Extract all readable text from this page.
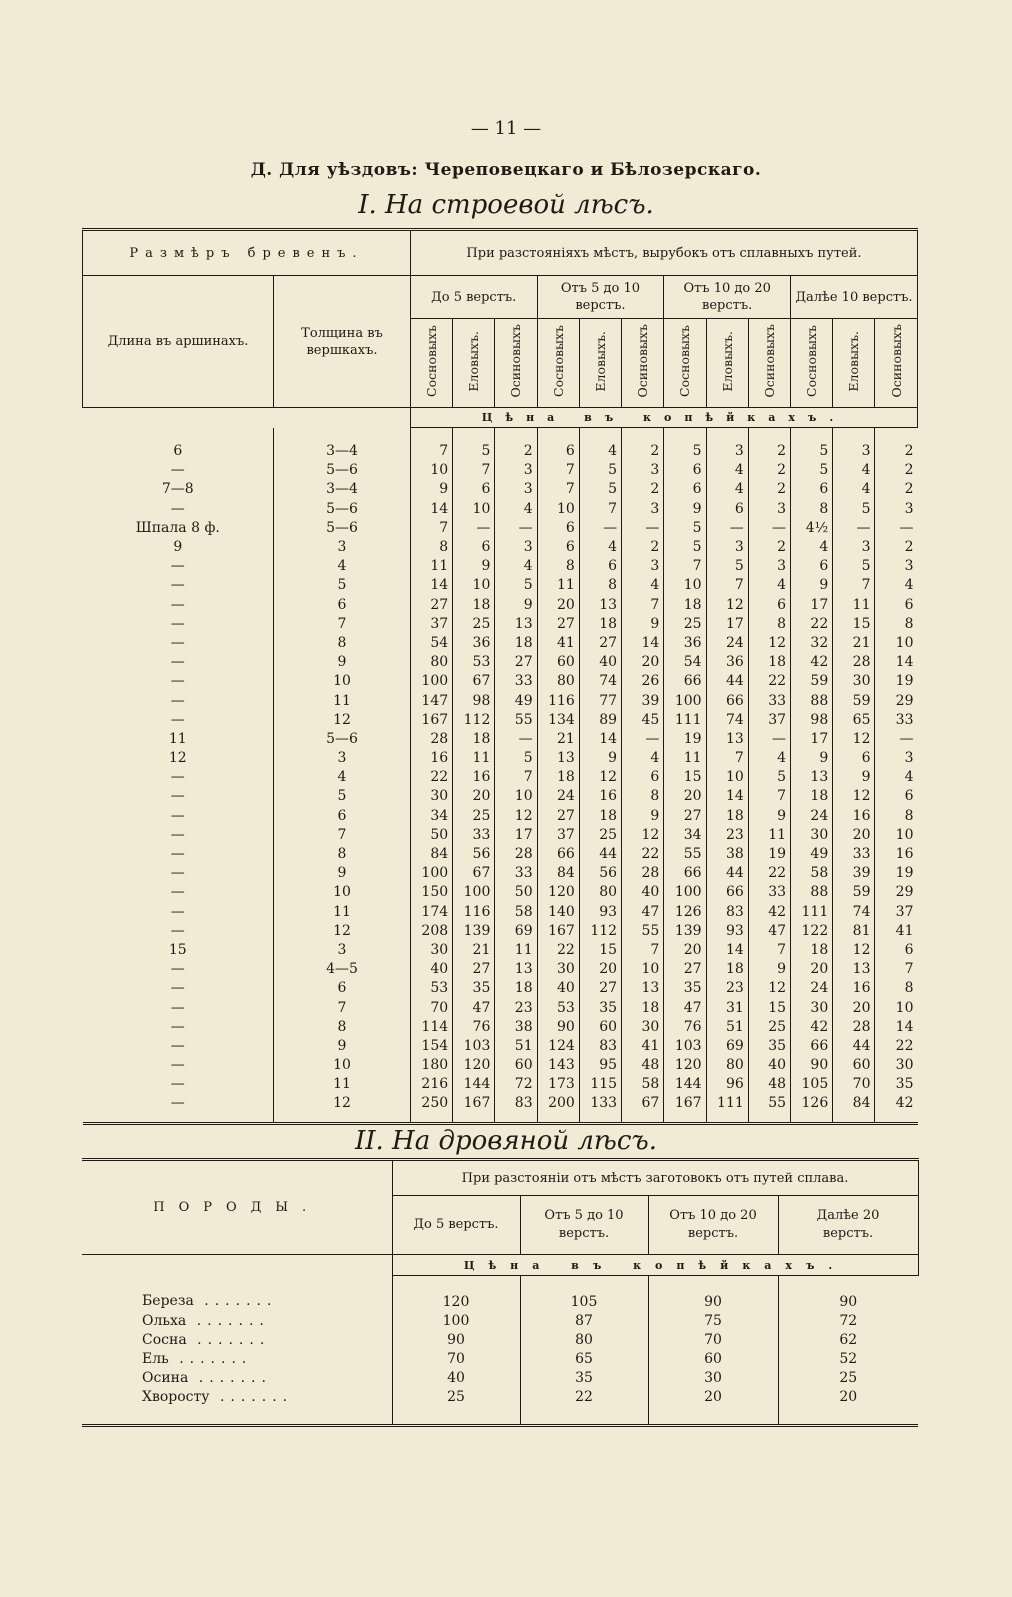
— 11 —
Д. Для уѣздовъ: Череповецкаго и Бѣлозерскаго.
I. На строевой лѣсъ.
Размѣръ бревенъ.		При разстояніяхъ мѣстъ, вырубокъ отъ сплавныхъ путей.											
Длина въ аршинахъ.	Толщина въ вершкахъ.	До 5 верстъ.			Отъ 5 до 10 верстъ.			Отъ 10 до 20 верстъ.			Далѣе 10 верстъ.		
		Сосновыхъ	Еловыхъ.	Осиновыхъ	Сосновыхъ	Еловыхъ.	Осиновыхъ	Сосновыхъ	Еловыхъ.	Осиновыхъ	Сосновыхъ	Еловыхъ.	Осиновыхъ
		Цѣна въ копѣйкахъ.											
6	3—4	7	5	2	6	4	2	5	3	2	5	3	2
—	5—6	10	7	3	7	5	3	6	4	2	5	4	2
7—8	3—4	9	6	3	7	5	2	6	4	2	6	4	2
—	5—6	14	10	4	10	7	3	9	6	3	8	5	3
Шпала 8 ф.	5—6	7	—	—	6	—	—	5	—	—	4½	—	—
9	3	8	6	3	6	4	2	5	3	2	4	3	2
—	4	11	9	4	8	6	3	7	5	3	6	5	3
—	5	14	10	5	11	8	4	10	7	4	9	7	4
—	6	27	18	9	20	13	7	18	12	6	17	11	6
—	7	37	25	13	27	18	9	25	17	8	22	15	8
—	8	54	36	18	41	27	14	36	24	12	32	21	10
—	9	80	53	27	60	40	20	54	36	18	42	28	14
—	10	100	67	33	80	74	26	66	44	22	59	30	19
—	11	147	98	49	116	77	39	100	66	33	88	59	29
—	12	167	112	55	134	89	45	111	74	37	98	65	33
11	5—6	28	18	—	21	14	—	19	13	—	17	12	—
12	3	16	11	5	13	9	4	11	7	4	9	6	3
—	4	22	16	7	18	12	6	15	10	5	13	9	4
—	5	30	20	10	24	16	8	20	14	7	18	12	6
—	6	34	25	12	27	18	9	27	18	9	24	16	8
—	7	50	33	17	37	25	12	34	23	11	30	20	10
—	8	84	56	28	66	44	22	55	38	19	49	33	16
—	9	100	67	33	84	56	28	66	44	22	58	39	19
—	10	150	100	50	120	80	40	100	66	33	88	59	29
—	11	174	116	58	140	93	47	126	83	42	111	74	37
—	12	208	139	69	167	112	55	139	93	47	122	81	41
15	3	30	21	11	22	15	7	20	14	7	18	12	6
—	4—5	40	27	13	30	20	10	27	18	9	20	13	7
—	6	53	35	18	40	27	13	35	23	12	24	16	8
—	7	70	47	23	53	35	18	47	31	15	30	20	10
—	8	114	76	38	90	60	30	76	51	25	42	28	14
—	9	154	103	51	124	83	41	103	69	35	66	44	22
—	10	180	120	60	143	95	48	120	80	40	90	60	30
—	11	216	144	72	173	115	58	144	96	48	105	70	35
—	12	250	167	83	200	133	67	167	111	55	126	84	42
II. На дровяной лѣсъ.
ПОРОДЫ.	При разстояніи отъ мѣстъ заготовокъ отъ путей сплава.			
	До 5 верстъ.	Отъ 5 до 10 верстъ.	Отъ 10 до 20 верстъ.	Далѣе 20 верстъ.
	Цѣна въ копѣйкахъ.			
Береза .......	120	105	90	90
Ольха .......	100	87	75	72
Сосна .......	90	80	70	62
Ель .......	70	65	60	52
Осина .......	40	35	30	25
Хворосту .......	25	22	20	20
